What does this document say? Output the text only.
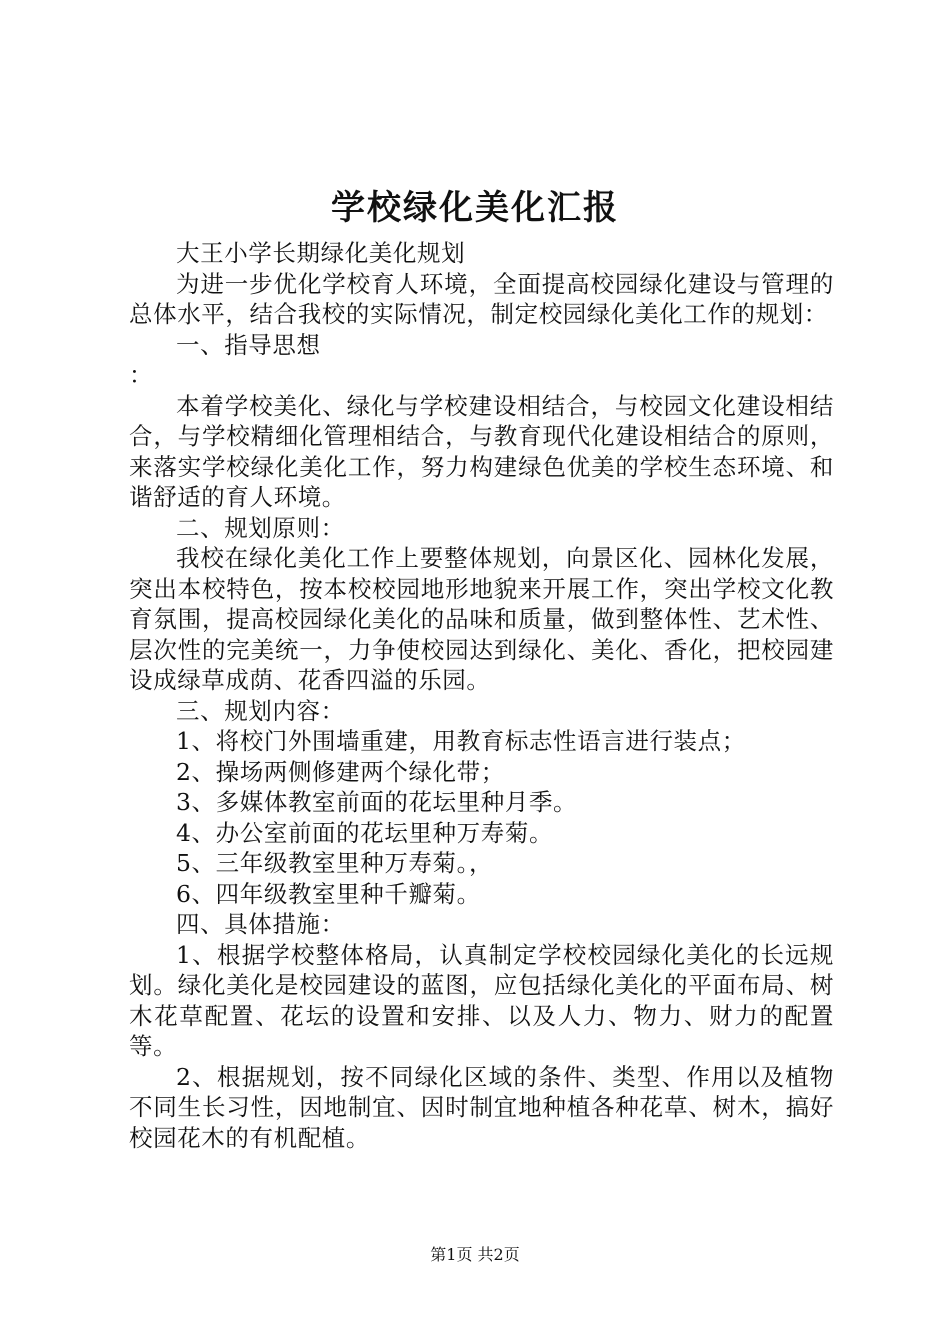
学校绿化美化汇报

大王小学长期绿化美化规划

为进一步优化学校育人环境，全面提高校园绿化建设与管理的总体水平，结合我校的实际情况，制定校园绿化美化工作的规划：

一、指导思想

：

本着学校美化、绿化与学校建设相结合，与校园文化建设相结合，与学校精细化管理相结合，与教育现代化建设相结合的原则，来落实学校绿化美化工作，努力构建绿色优美的学校生态环境、和谐舒适的育人环境。

二、规划原则：

我校在绿化美化工作上要整体规划，向景区化、园林化发展，突出本校特色，按本校校园地形地貌来开展工作，突出学校文化教育氛围，提高校园绿化美化的品味和质量，做到整体性、艺术性、层次性的完美统一，力争使校园达到绿化、美化、香化，把校园建设成绿草成荫、花香四溢的乐园。

三、规划内容：

1、将校门外围墙重建，用教育标志性语言进行装点；

2、操场两侧修建两个绿化带；

3、多媒体教室前面的花坛里种月季。

4、办公室前面的花坛里种万寿菊。

5、三年级教室里种万寿菊。，

6、四年级教室里种千瓣菊。

四、具体措施：

1、根据学校整体格局，认真制定学校校园绿化美化的长远规划。绿化美化是校园建设的蓝图，应包括绿化美化的平面布局、树木花草配置、花坛的设置和安排、以及人力、物力、财力的配置等。

2、根据规划，按不同绿化区域的条件、类型、作用以及植物不同生长习性，因地制宜、因时制宜地种植各种花草、树木，搞好校园花木的有机配植。

第1页 共2页
